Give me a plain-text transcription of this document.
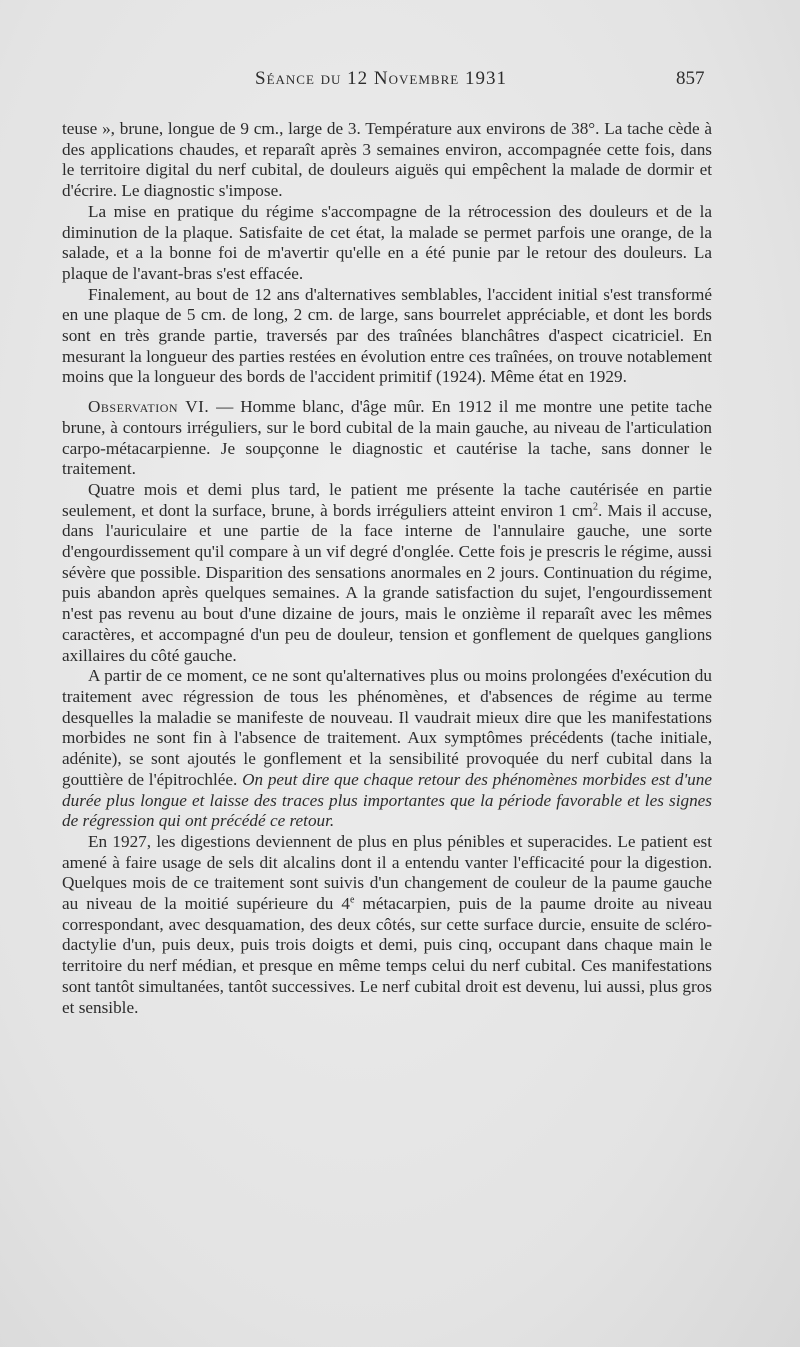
Séance du 12 Novembre 1931	857

teuse », brune, longue de 9 cm., large de 3. Température aux environs de 38°. La tache cède à des applications chaudes, et reparaît après 3 semaines environ, accompagnée cette fois, dans le territoire digital du nerf cubital, de douleurs aiguës qui empêchent la malade de dormir et d'écrire. Le diagnostic s'impose.

La mise en pratique du régime s'accompagne de la rétrocession des douleurs et de la diminution de la plaque. Satisfaite de cet état, la malade se permet parfois une orange, de la salade, et a la bonne foi de m'avertir qu'elle en a été punie par le retour des douleurs. La plaque de l'avant-bras s'est effacée.

Finalement, au bout de 12 ans d'alternatives semblables, l'accident initial s'est transformé en une plaque de 5 cm. de long, 2 cm. de large, sans bourrelet appréciable, et dont les bords sont en très grande partie, traversés par des traînées blanchâtres d'aspect cicatriciel. En mesurant la longueur des parties restées en évolution entre ces traînées, on trouve notablement moins que la longueur des bords de l'accident primitif (1924). Même état en 1929.

Observation VI. — Homme blanc, d'âge mûr. En 1912 il me montre une petite tache brune, à contours irréguliers, sur le bord cubital de la main gauche, au niveau de l'articulation carpo-métacarpienne. Je soupçonne le diagnostic et cautérise la tache, sans donner le traitement.

Quatre mois et demi plus tard, le patient me présente la tache cautérisée en partie seulement, et dont la surface, brune, à bords irréguliers atteint environ 1 $cm^2$. Mais il accuse, dans l'auriculaire et une partie de la face interne de l'annulaire gauche, une sorte d'engourdissement qu'il compare à un vif degré d'onglée. Cette fois je prescris le régime, aussi sévère que possible. Disparition des sensations anormales en 2 jours. Continuation du régime, puis abandon après quelques semaines. A la grande satisfaction du sujet, l'engourdissement n'est pas revenu au bout d'une dizaine de jours, mais le onzième il reparaît avec les mêmes caractères, et accompagné d'un peu de douleur, tension et gonflement de quelques ganglions axillaires du côté gauche.

A partir de ce moment, ce ne sont qu'alternatives plus ou moins prolongées d'exécution du traitement avec régression de tous les phénomènes, et d'absences de régime au terme desquelles la maladie se manifeste de nouveau. Il vaudrait mieux dire que les manifestations morbides ne sont fin à l'absence de traitement. Aux symptômes précédents (tache initiale, adénite), se sont ajoutés le gonflement et la sensibilité provoquée du nerf cubital dans la gouttière de l'épitrochlée. On peut dire que chaque retour des phénomènes morbides est d'une durée plus longue et laisse des traces plus importantes que la période favorable et les signes de régression qui ont précédé ce retour.

En 1927, les digestions deviennent de plus en plus pénibles et superacides. Le patient est amené à faire usage de sels dit alcalins dont il a entendu vanter l'efficacité pour la digestion. Quelques mois de ce traitement sont suivis d'un changement de couleur de la paume gauche au niveau de la moitié supérieure du 4e métacarpien, puis de la paume droite au niveau correspondant, avec desquamation, des deux côtés, sur cette surface durcie, ensuite de scléro-dactylie d'un, puis deux, puis trois doigts et demi, puis cinq, occupant dans chaque main le territoire du nerf médian, et presque en même temps celui du nerf cubital. Ces manifestations sont tantôt simultanées, tantôt successives. Le nerf cubital droit est devenu, lui aussi, plus gros et sensible.
